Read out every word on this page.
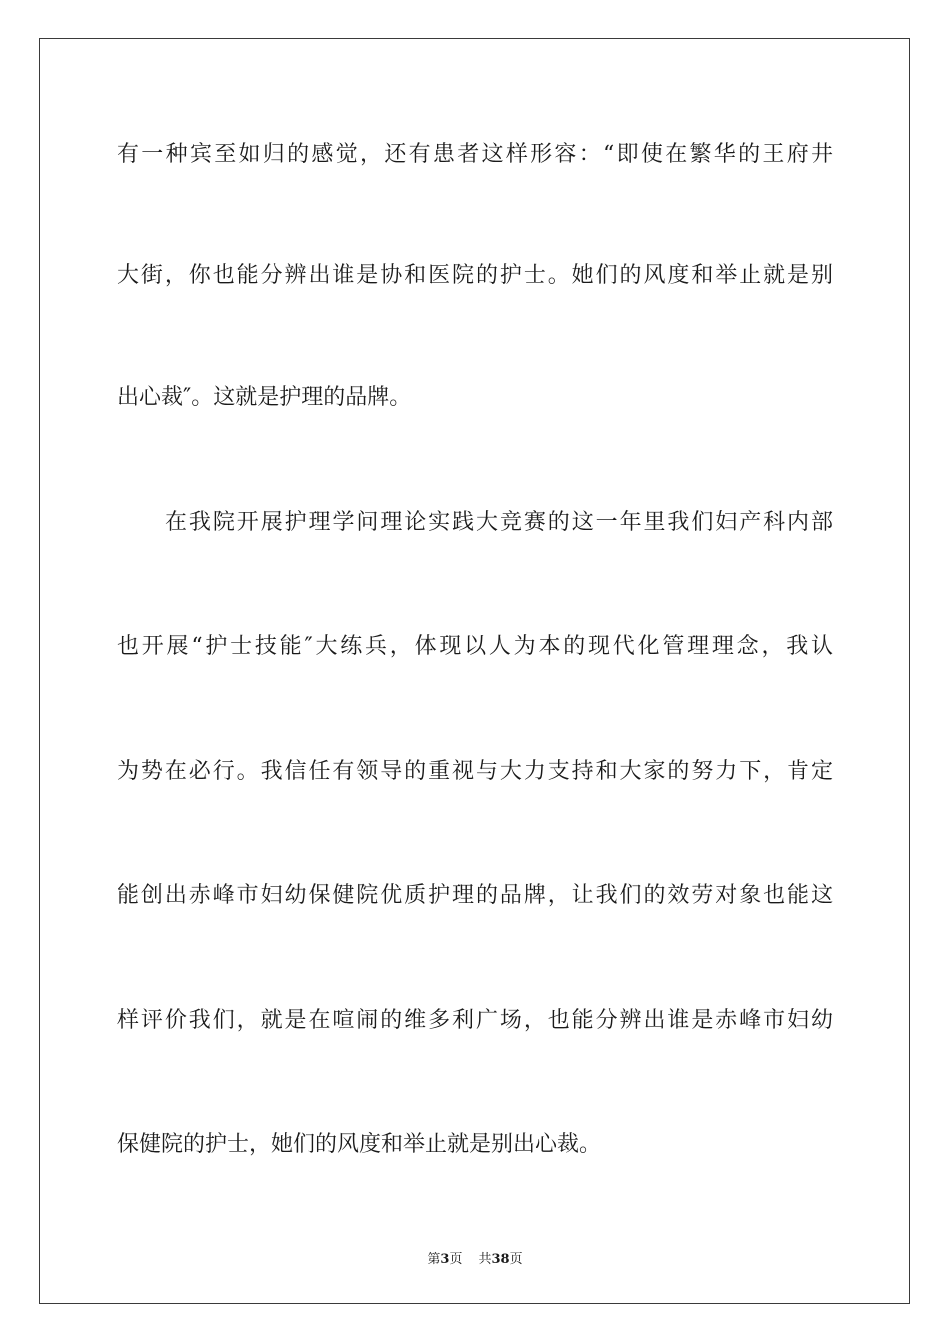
有一种宾至如归的感觉，还有患者这样形容：“即使在繁华的王府井
大街，你也能分辨出谁是协和医院的护士。她们的风度和举止就是别
出心裁″。这就是护理的品牌。
在我院开展护理学问理论实践大竞赛的这一年里我们妇产科内部
也开展“护士技能″大练兵，体现以人为本的现代化管理理念，我认
为势在必行。我信任有领导的重视与大力支持和大家的努力下，肯定
能创出赤峰市妇幼保健院优质护理的品牌，让我们的效劳对象也能这
样评价我们，就是在喧闹的维多利广场，也能分辨出谁是赤峰市妇幼
保健院的护士，她们的风度和举止就是别出心裁。
第3页 共38页
